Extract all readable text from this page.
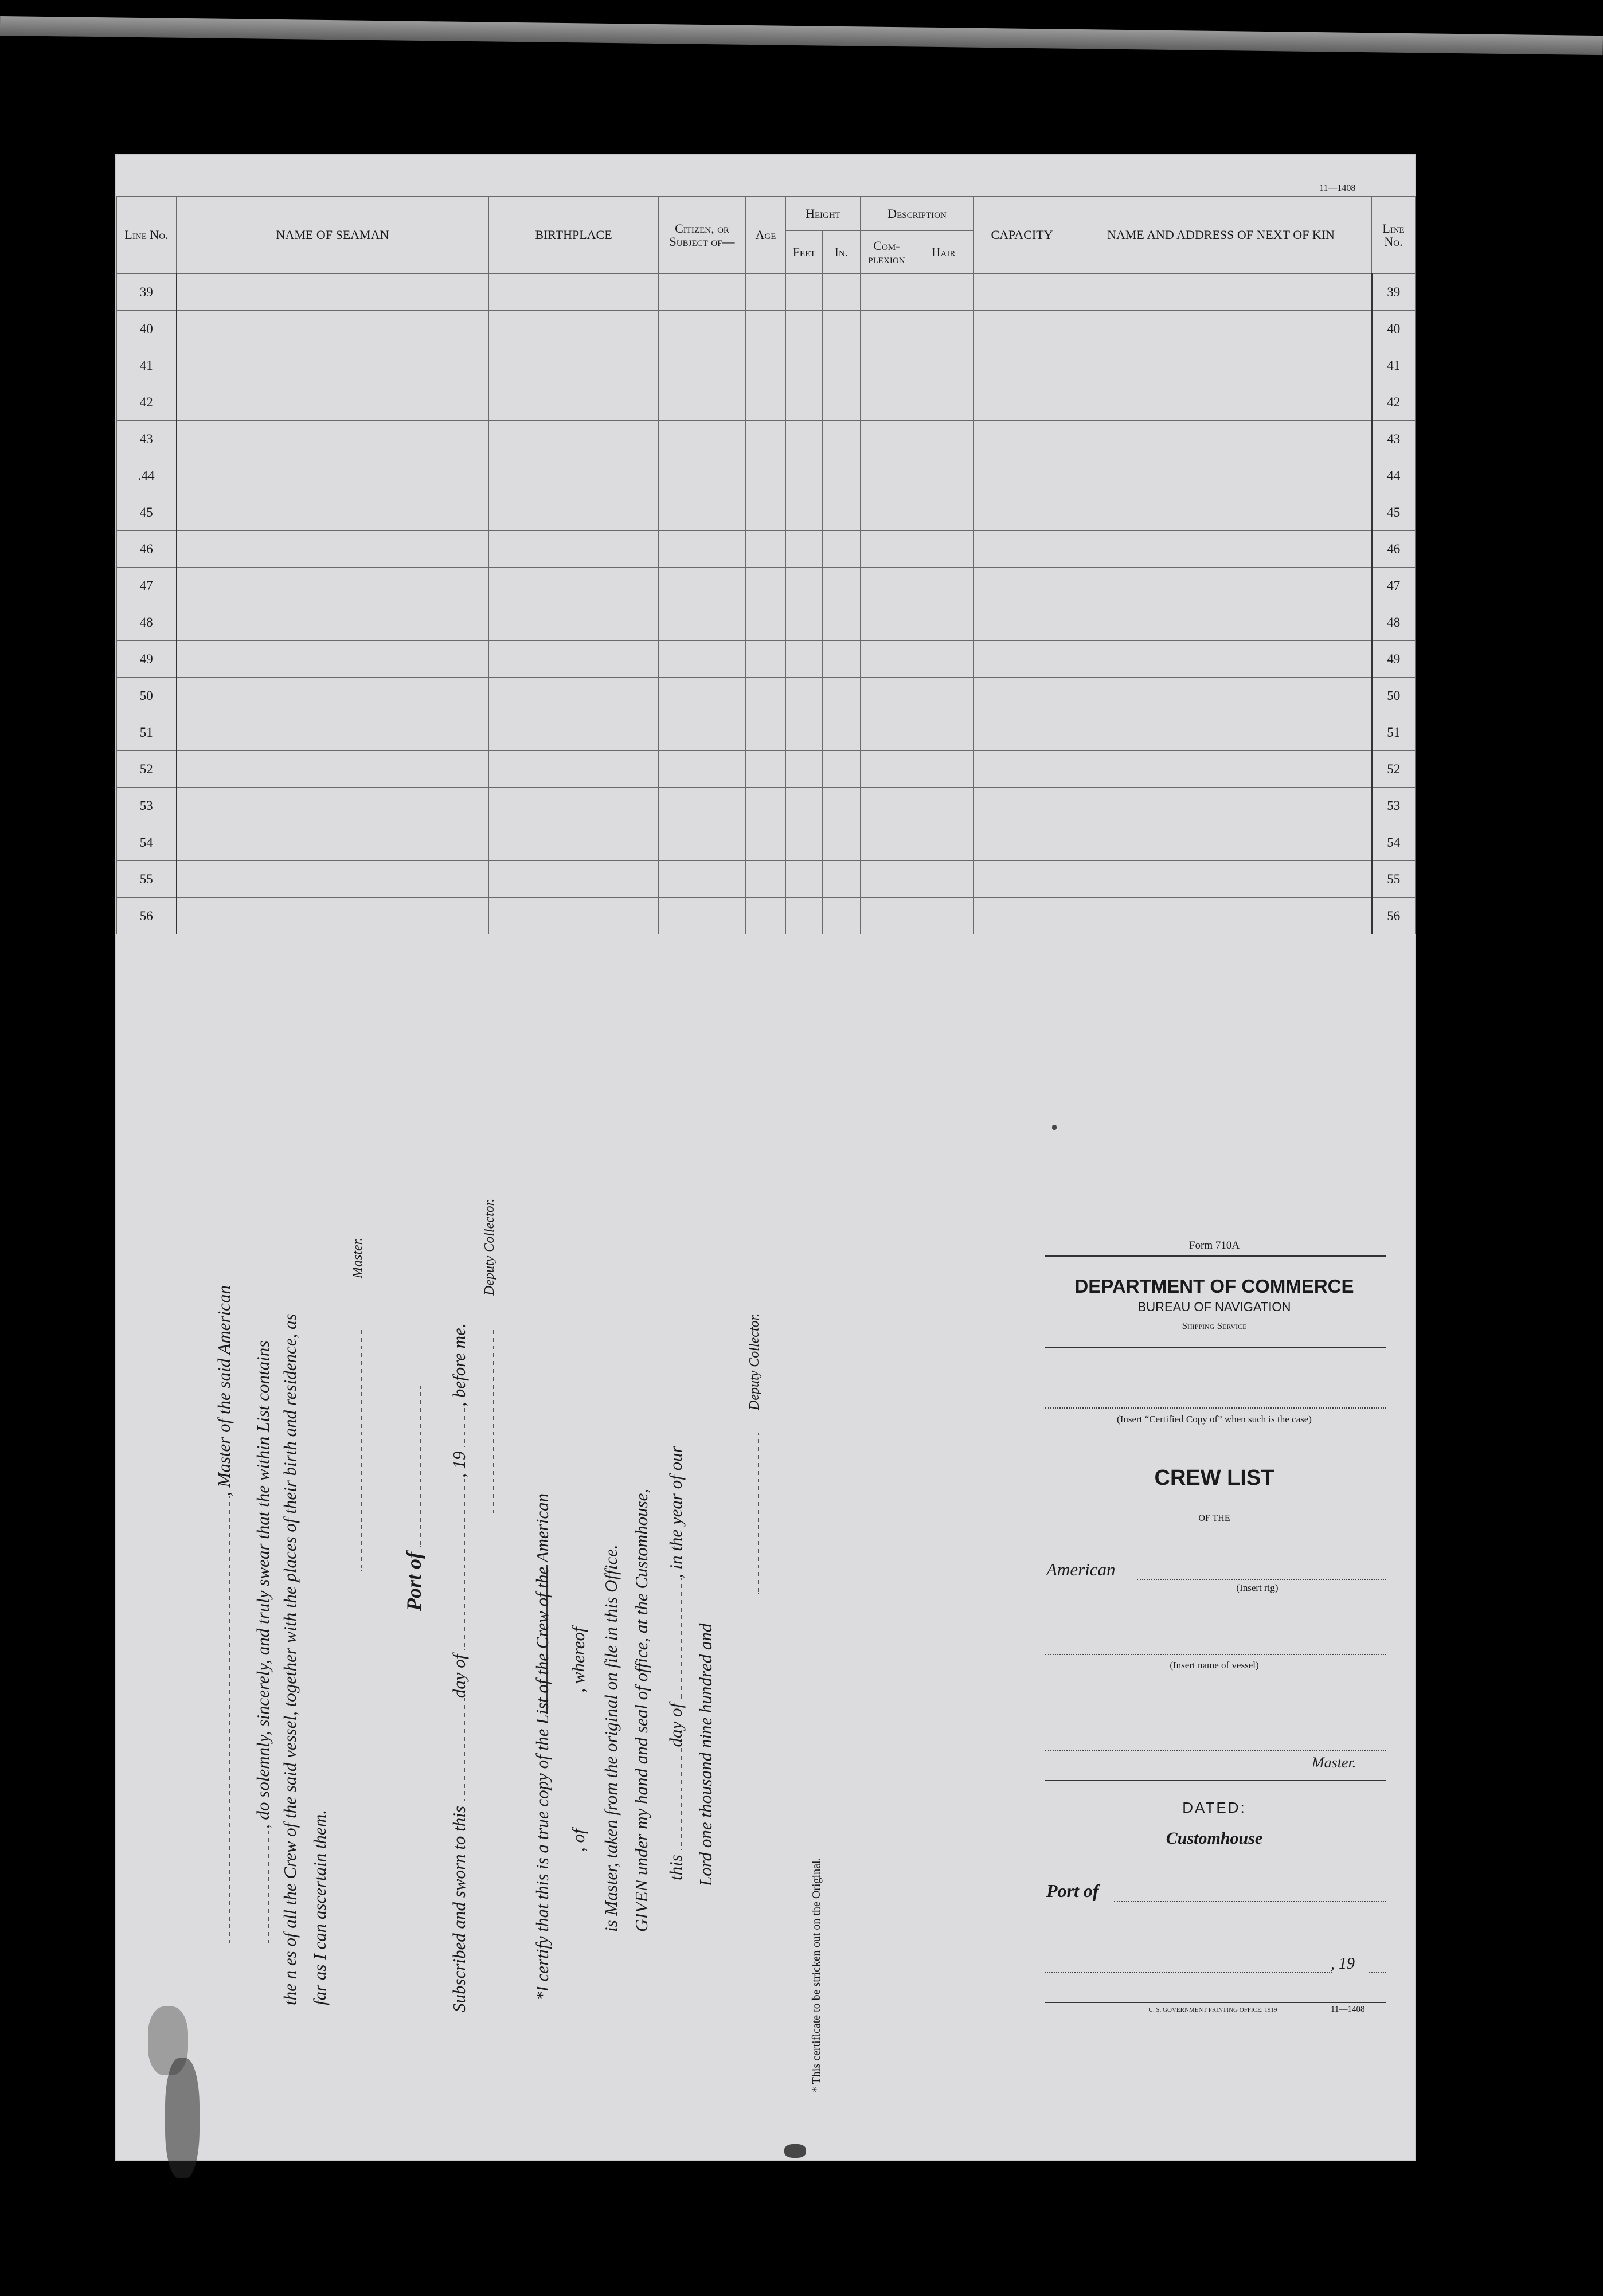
11—1408
Line No.	NAME OF SEAMAN	BIRTHPLACE	Citizen, or Subject of—	Age	Height		Description		CAPACITY	NAME AND ADDRESS OF NEXT OF KIN	Line No.
					Feet	In.	Com-plexion	Hair			
39											39
40											40
41											41
42											42
43											43
.44											44
45											45
46											46
47											47
48											48
49											49
50											50
51											51
52											52
53											53
54											54
55											55
56											56
, Master of the said American , do solemnly, sincerely, and truly swear that the within List contains the n es of all the Crew of the said vessel, together with the places of their birth and residence, as far as I can ascertain them.
Master.
Port of
Subscribed and sworn to this day of , 19 , before me.
Deputy Collector.
*I certify that this is a true copy of the List of the Crew of the American , of , whereof is Master, taken from the original on file in this Office. GIVEN under my hand and seal of office, at the Customhouse, this day of , in the year of our
Lord one thousand nine hundred and
Deputy Collector.
* This certificate to be stricken out on the Original.
Form 710A
DEPARTMENT OF COMMERCE
BUREAU OF NAVIGATION
Shipping Service
(Insert “Certified Copy of” when such is the case)
CREW LIST
OF THE
American
(Insert rig)
(Insert name of vessel)
Master.
DATED:
Customhouse
Port of
, 19
U. S. GOVERNMENT PRINTING OFFICE: 1919	11—1408
